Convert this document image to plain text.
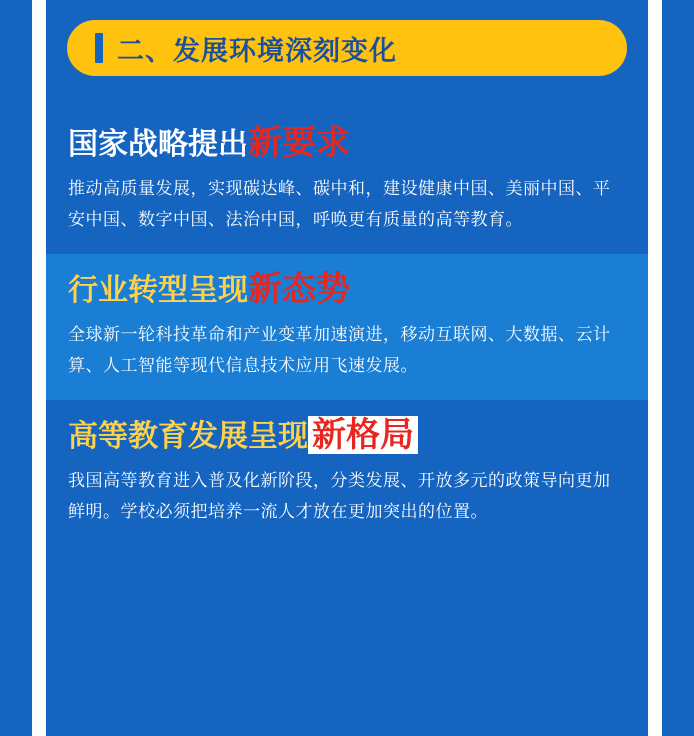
二、发展环境深刻变化
国家战略提出新要求

推动高质量发展，实现碳达峰、碳中和，建设健康中国、美丽中国、平安中国、数字中国、法治中国，呼唤更有质量的高等教育。

行业转型呈现新态势

全球新一轮科技革命和产业变革加速演进，移动互联网、大数据、云计算、人工智能等现代信息技术应用飞速发展。

高等教育发展呈现 新格局

我国高等教育进入普及化新阶段，分类发展、开放多元的政策导向更加鲜明。学校必须把培养一流人才放在更加突出的位置。
